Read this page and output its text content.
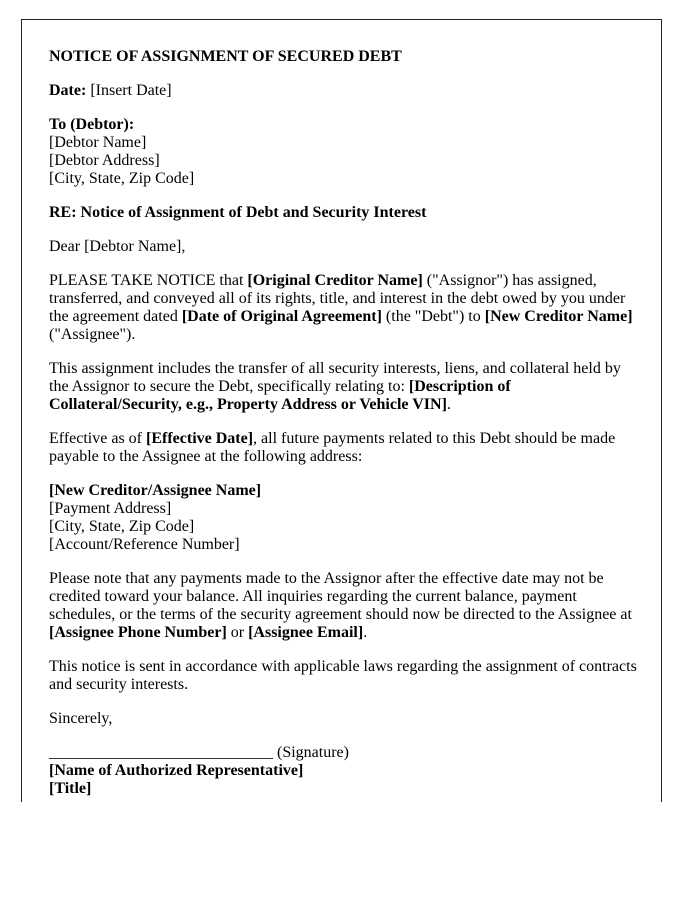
NOTICE OF ASSIGNMENT OF SECURED DEBT

Date: [Insert Date]

To (Debtor):
[Debtor Name]
[Debtor Address]
[City, State, Zip Code]

RE: Notice of Assignment of Debt and Security Interest

Dear [Debtor Name],

PLEASE TAKE NOTICE that [Original Creditor Name] ("Assignor") has assigned, transferred, and conveyed all of its rights, title, and interest in the debt owed by you under the agreement dated [Date of Original Agreement] (the "Debt") to [New Creditor Name] ("Assignee").

This assignment includes the transfer of all security interests, liens, and collateral held by the Assignor to secure the Debt, specifically relating to: [Description of Collateral/Security, e.g., Property Address or Vehicle VIN].

Effective as of [Effective Date], all future payments related to this Debt should be made payable to the Assignee at the following address:

[New Creditor/Assignee Name]
[Payment Address]
[City, State, Zip Code]
[Account/Reference Number]

Please note that any payments made to the Assignor after the effective date may not be credited toward your balance. All inquiries regarding the current balance, payment schedules, or the terms of the security agreement should now be directed to the Assignee at [Assignee Phone Number] or [Assignee Email].

This notice is sent in accordance with applicable laws regarding the assignment of contracts and security interests.

Sincerely,

____________________________ (Signature)
[Name of Authorized Representative]
[Title]
